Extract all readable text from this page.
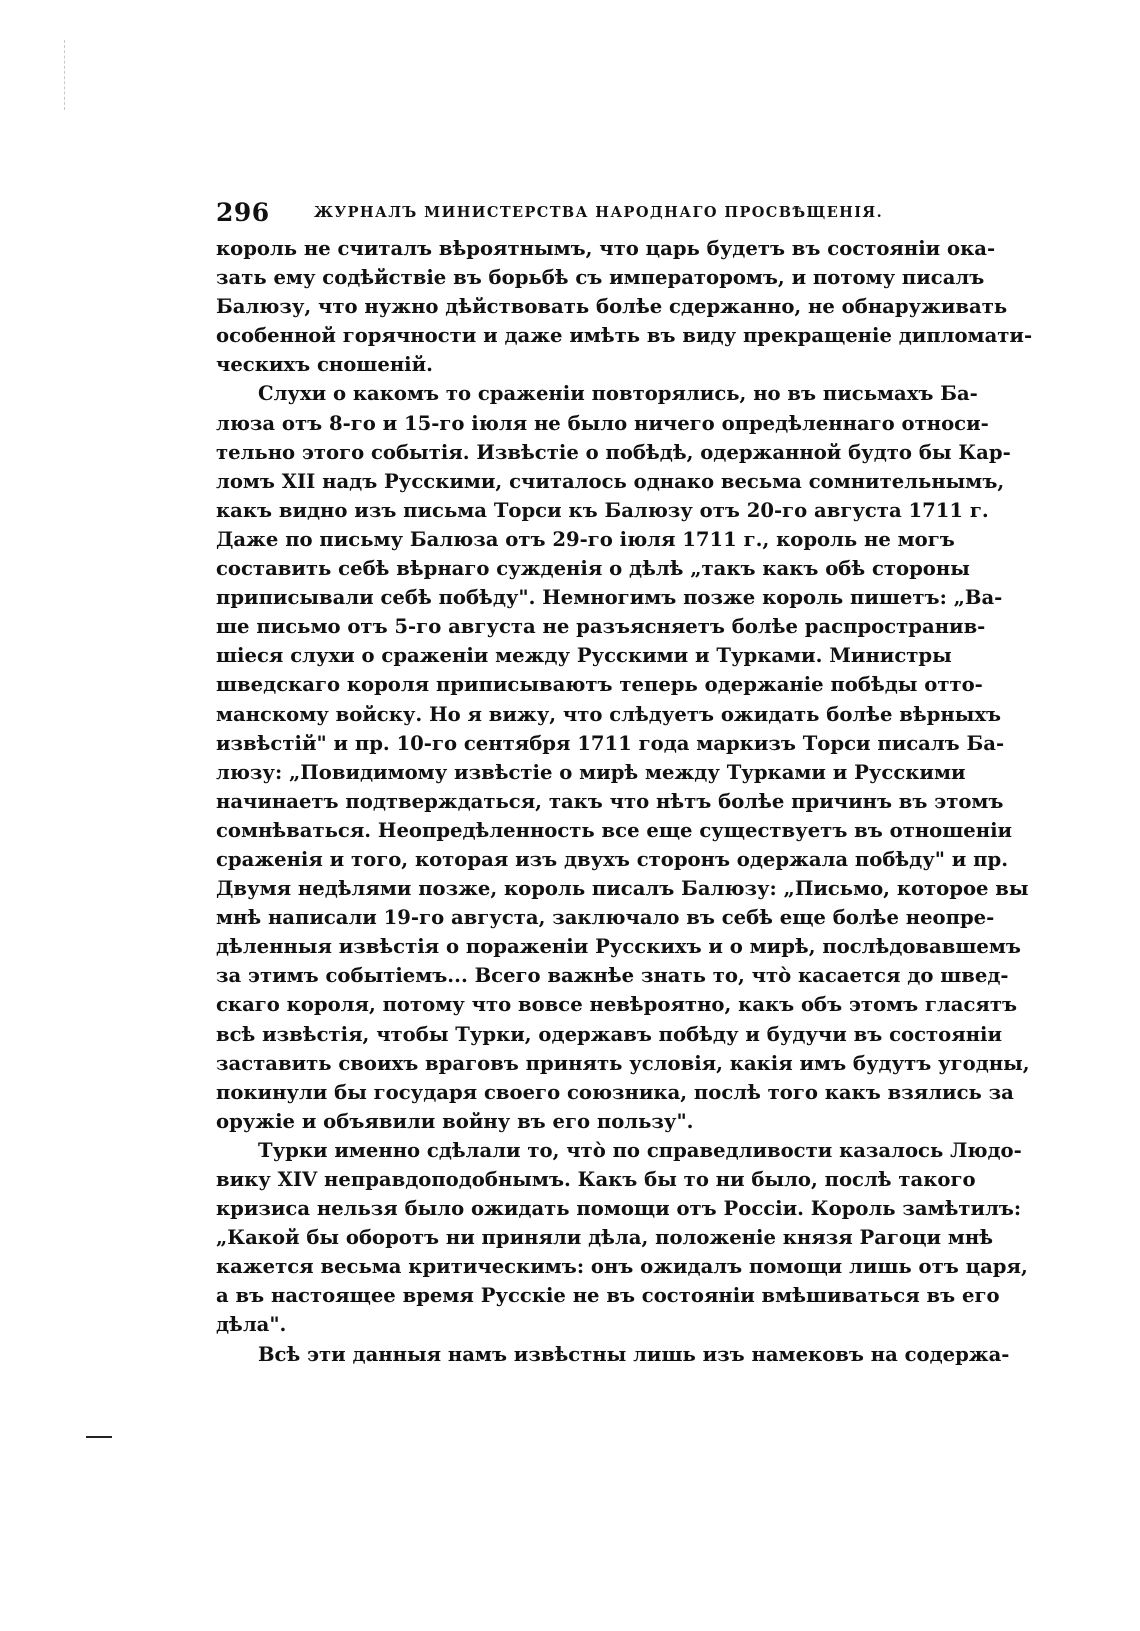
296	ЖУРНАЛЪ МИНИСТЕРСТВА НАРОДНАГО ПРОСВѢЩЕНІЯ.
король не считалъ вѣроятнымъ, что царь будетъ въ состояніи ока-
зать ему содѣйствіе въ борьбѣ съ императоромъ, и потому писалъ
Балюзу, что нужно дѣйствовать болѣе сдержанно, не обнаруживать
особенной горячности и даже имѣть въ виду прекращеніе дипломати-
ческихъ сношеній.
Слухи о какомъ то сраженіи повторялись, но въ письмахъ Ба-
люза отъ 8-го и 15-го іюля не было ничего опредѣленнаго относи-
тельно этого событія. Извѣстіе о побѣдѣ, одержанной будто бы Кар-
ломъ XII надъ Русскими, считалось однако весьма сомнительнымъ,
какъ видно изъ письма Торси къ Балюзу отъ 20-го августа 1711 г.
Даже по письму Балюза отъ 29-го іюля 1711 г., король не могъ
составить себѣ вѣрнаго сужденія о дѣлѣ „такъ какъ обѣ стороны
приписывали себѣ побѣду". Немногимъ позже король пишетъ: „Ва-
ше письмо отъ 5-го августа не разъясняетъ болѣе распространив-
шіеся слухи о сраженіи между Русскими и Турками. Министры
шведскаго короля приписываютъ теперь одержаніе побѣды отто-
манскому войску. Но я вижу, что слѣдуетъ ожидать болѣе вѣрныхъ
извѣстій" и пр. 10-го сентября 1711 года маркизъ Торси писалъ Ба-
люзу: „Повидимому извѣстіе о мирѣ между Турками и Русскими
начинаетъ подтверждаться, такъ что нѣтъ болѣе причинъ въ этомъ
сомнѣваться. Неопредѣленность все еще существуетъ въ отношеніи
сраженія и того, которая изъ двухъ сторонъ одержала побѣду" и пр.
Двумя недѣлями позже, король писалъ Балюзу: „Письмо, которое вы
мнѣ написали 19-го августа, заключало въ себѣ еще болѣе неопре-
дѣленныя извѣстія о пораженіи Русскихъ и о мирѣ, послѣдовавшемъ
за этимъ событіемъ... Всего важнѣе знать то, что̀ касается до швед-
скаго короля, потому что вовсе невѣроятно, какъ объ этомъ гласятъ
всѣ извѣстія, чтобы Турки, одержавъ побѣду и будучи въ состояніи
заставить своихъ враговъ принять условія, какія имъ будутъ угодны,
покинули бы государя своего союзника, послѣ того какъ взялись за
оружіе и объявили войну въ его пользу".
Турки именно сдѣлали то, что̀ по справедливости казалось Людо-
вику XIV неправдоподобнымъ. Какъ бы то ни было, послѣ такого
кризиса нельзя было ожидать помощи отъ Россіи. Король замѣтилъ:
„Какой бы оборотъ ни приняли дѣла, положеніе князя Рагоци мнѣ
кажется весьма критическимъ: онъ ожидалъ помощи лишь отъ царя,
а въ настоящее время Русскіе не въ состояніи вмѣшиваться въ его
дѣла".
Всѣ эти данныя намъ извѣстны лишь изъ намековъ на содержа-
